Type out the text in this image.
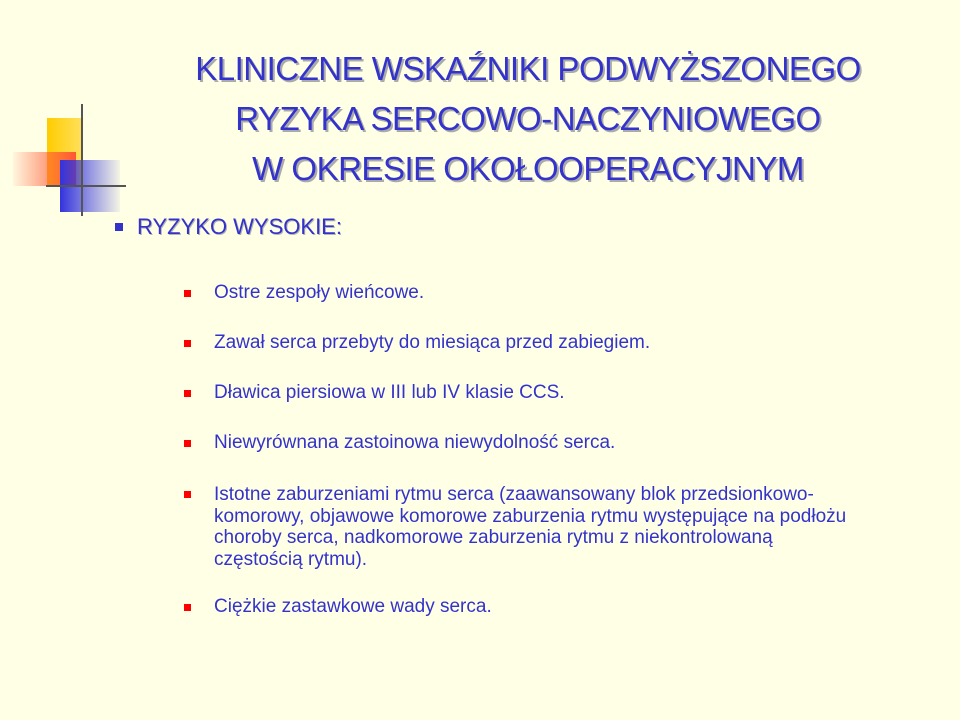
KLINICZNE WSKAŹNIKI PODWYŻSZONEGO
RYZYKA SERCOWO-NACZYNIOWEGO
W OKRESIE OKOŁOOPERACYJNYM
RYZYKO WYSOKIE:
Ostre zespoły wieńcowe.
Zawał serca przebyty do miesiąca przed zabiegiem.
Dławica piersiowa w III lub IV klasie CCS.
Niewyrównana zastoinowa niewydolność serca.
Istotne zaburzeniami rytmu serca (zaawansowany blok przedsionkowo-
komorowy, objawowe komorowe zaburzenia rytmu występujące na podłożu
choroby serca, nadkomorowe zaburzenia rytmu z niekontrolowaną
częstością rytmu).
Ciężkie zastawkowe wady serca.
